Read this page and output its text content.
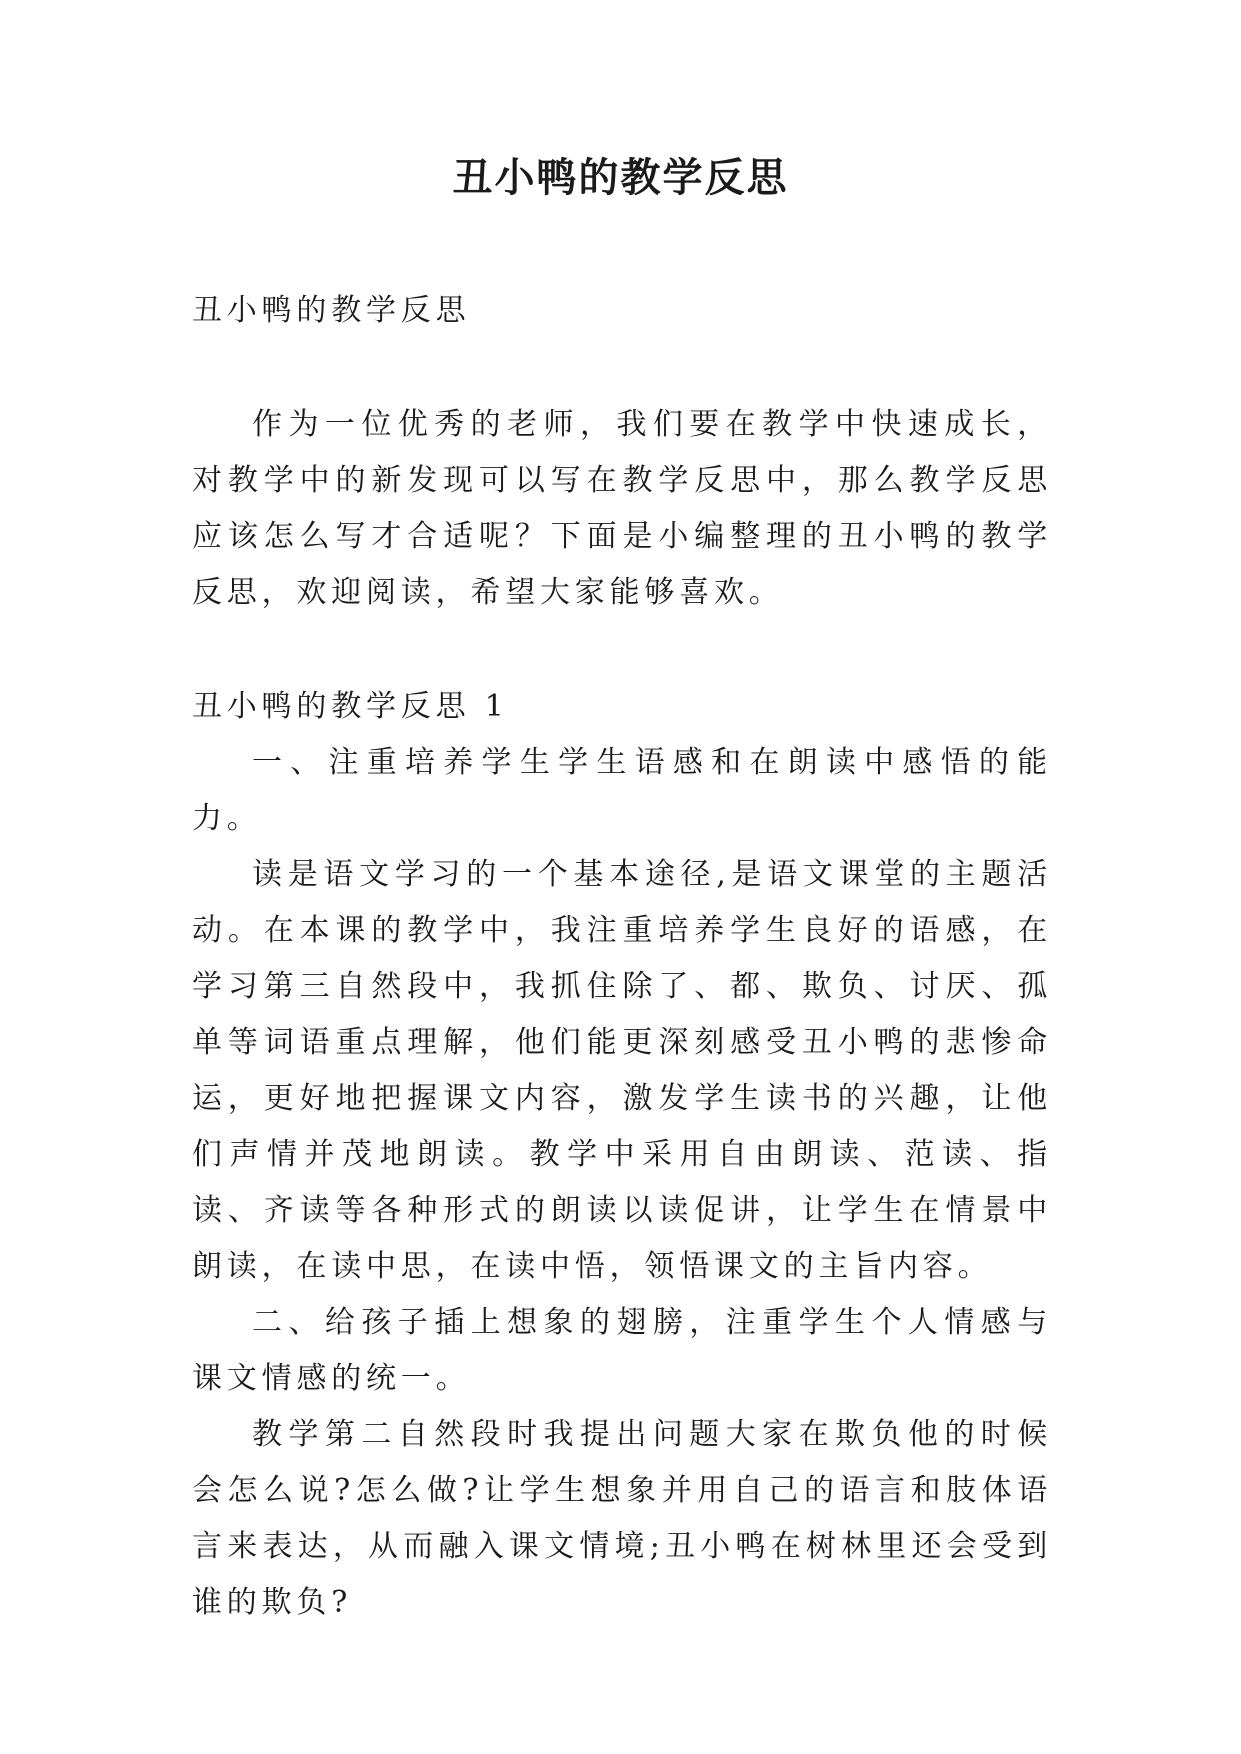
丑小鸭的教学反思

丑小鸭的教学反思

作为一位优秀的老师，我们要在教学中快速成长，对教学中的新发现可以写在教学反思中，那么教学反思应该怎么写才合适呢？下面是小编整理的丑小鸭的教学反思，欢迎阅读，希望大家能够喜欢。

丑小鸭的教学反思 1

一、注重培养学生学生语感和在朗读中感悟的能力。

读是语文学习的一个基本途径,是语文课堂的主题活动。在本课的教学中，我注重培养学生良好的语感，在学习第三自然段中，我抓住除了、都、欺负、讨厌、孤单等词语重点理解，他们能更深刻感受丑小鸭的悲惨命运，更好地把握课文内容，激发学生读书的兴趣，让他们声情并茂地朗读。教学中采用自由朗读、范读、指读、齐读等各种形式的朗读以读促讲，让学生在情景中朗读，在读中思，在读中悟，领悟课文的主旨内容。

二、给孩子插上想象的翅膀，注重学生个人情感与课文情感的统一。

教学第二自然段时我提出问题大家在欺负他的时候会怎么说?怎么做?让学生想象并用自己的语言和肢体语言来表达，从而融入课文情境;丑小鸭在树林里还会受到谁的欺负?
